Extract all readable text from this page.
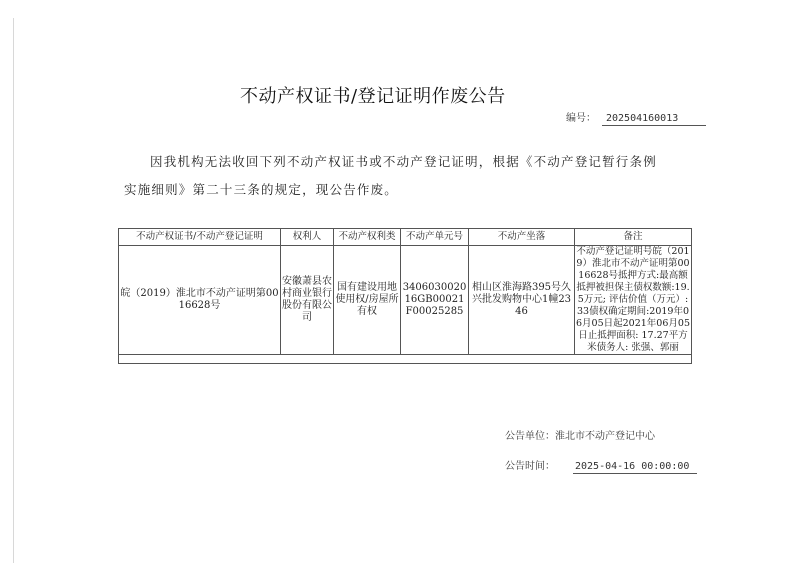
不动产权证书/登记证明作废公告
编号： 202504160013
因我机构无法收回下列不动产权证书或不动产登记证明，根据《不动产登记暂行条例
实施细则》第二十三条的规定，现公告作废。
不动产权证书/不动产登记证明	权利人	不动产权利类	不动产单元号	不动产坐落	备注
皖（2019）淮北市不动产证明第0016628号	安徽萧县农村商业银行股份有限公司	国有建设用地使用权/房屋所有权	340603002016GB00021F00025285	相山区淮海路395号久兴批发购物中心1幢2346	不动产登记证明号皖（2019）淮北市不动产证明第0016628号抵押方式:最高额抵押被担保主债权数额:19.5万元; 评估价值（万元）:33债权确定期间:2019年06月05日起2021年06月05日止抵押面积: 17.27平方米债务人: 张强、郭丽

公告单位：淮北市不动产登记中心
公告时间： 2025-04-16 00:00:00
